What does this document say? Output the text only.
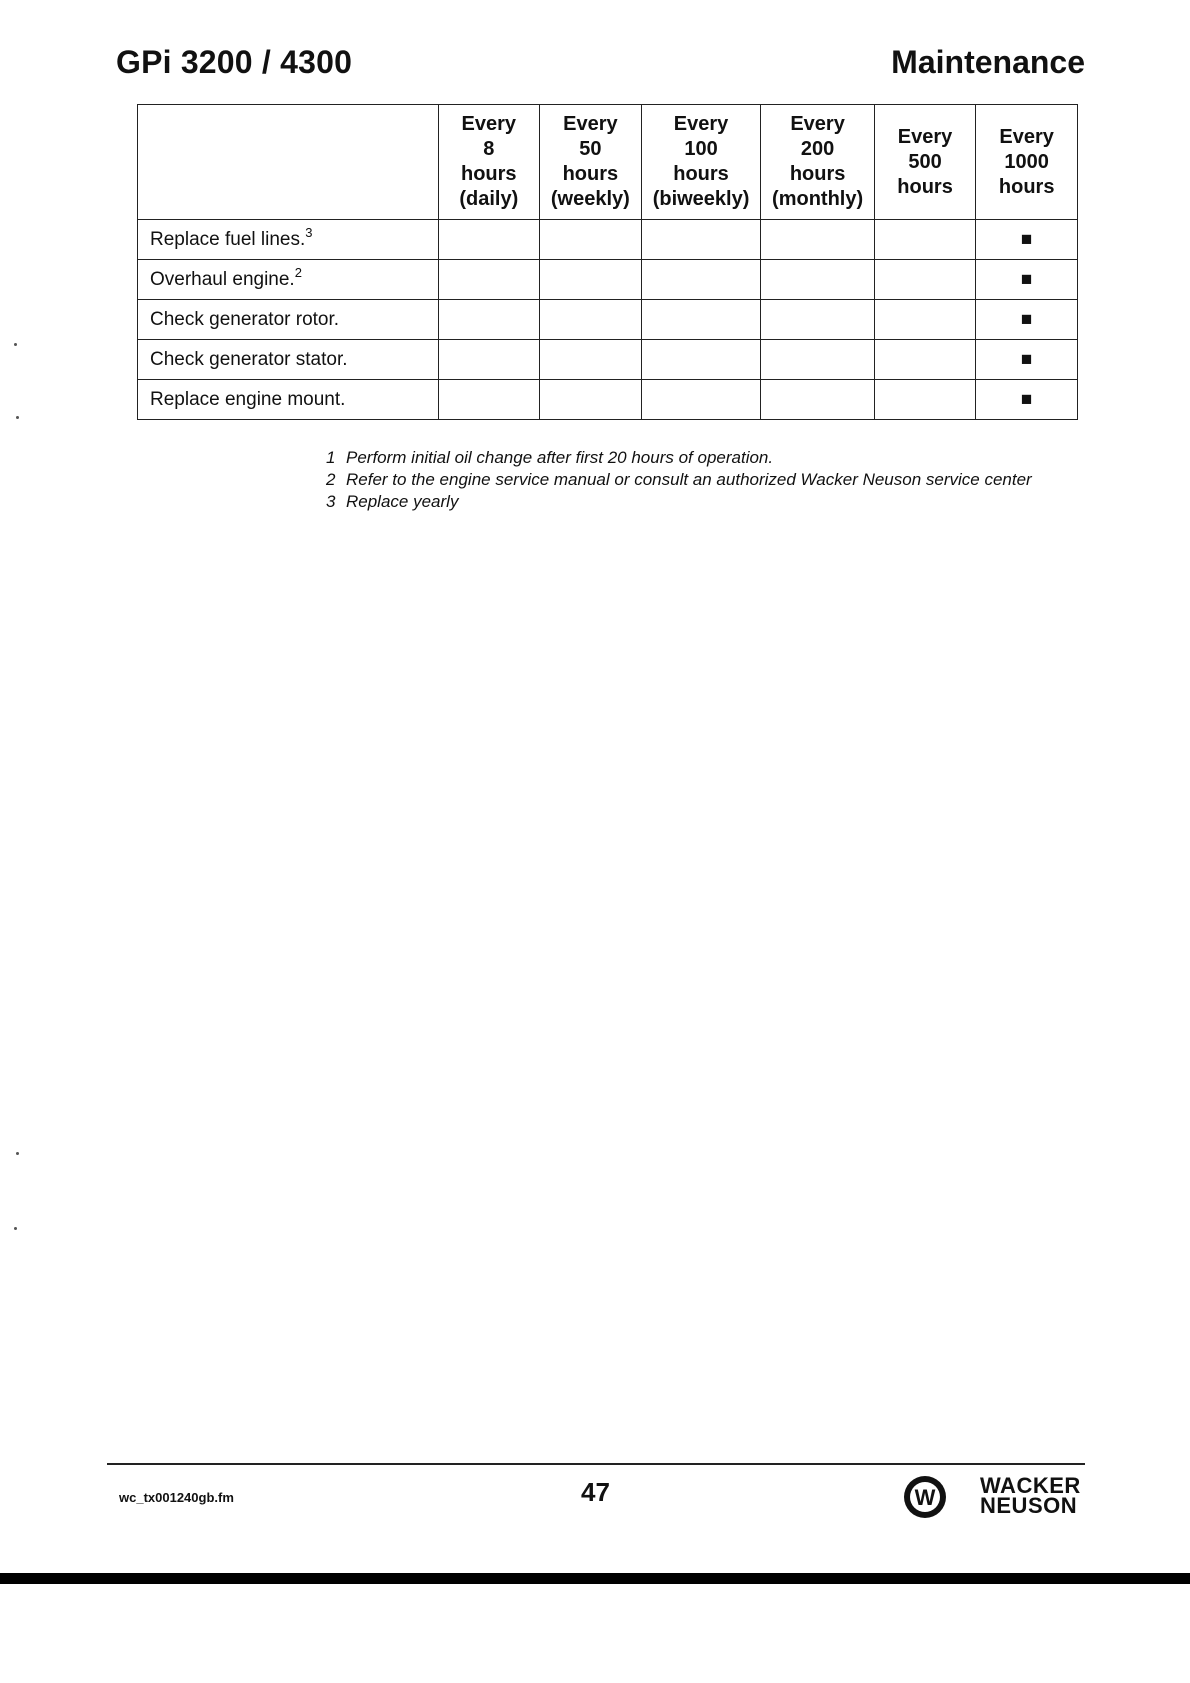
GPi 3200 / 4300	Maintenance

	Every
8
hours
(daily)	Every
50
hours
(weekly)	Every
100
hours
(biweekly)	Every
200
hours
(monthly)	Every
500
hours	Every
1000
hours

Replace fuel lines.$^3$						■
Overhaul engine.$^2$						■
Check generator rotor.						■
Check generator stator.						■
Replace engine mount.						■
1 Perform initial oil change after first 20 hours of operation.
2 Refer to the engine service manual or consult an authorized Wacker Neuson service center
3 Replace yearly
wc_tx001240gb.fm	47	W WACKER
NEUSON
